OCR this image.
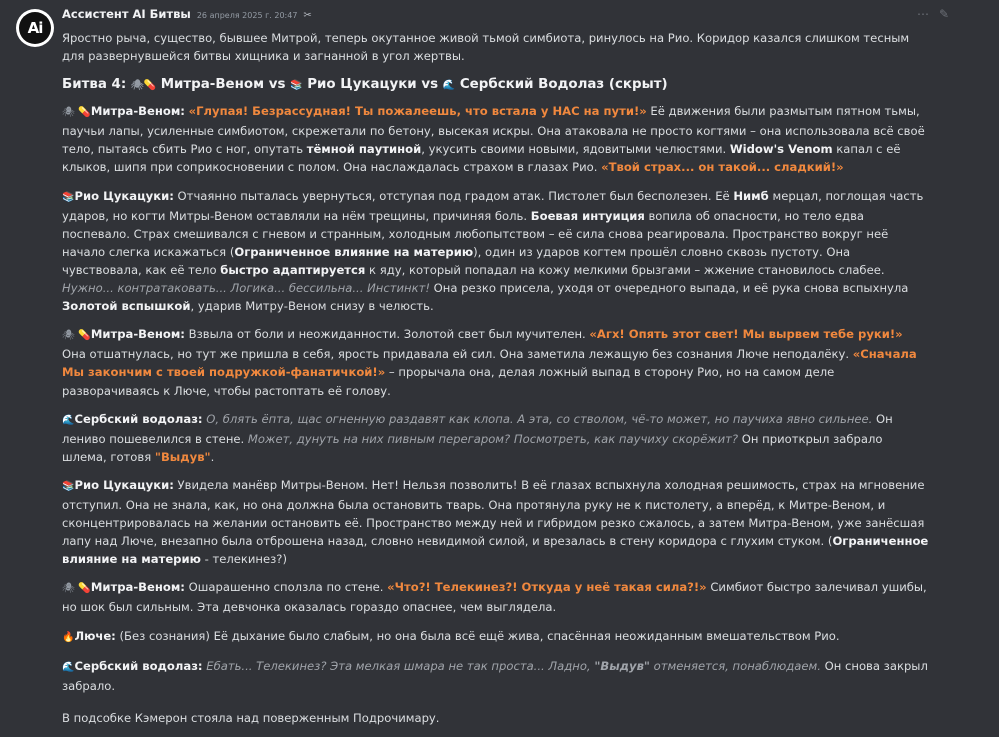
Ai
Ассистент AI Битвы 26 апреля 2025 г. 20:47 ✂	⋯ ✎

Яростно рыча, существо, бывшее Митрой, теперь окутанное живой тьмой симбиота, ринулось на Рио. Коридор казался слишком тесным для развернувшейся битвы хищника и загнанной в угол жертвы.

Битва 4: 🕷💊 Митра-Веном vs 📚 Рио Цукацуки vs 🌊 Сербский Водолаз (скрыт)

🕷 💊Митра-Веном: «Глупая! Безрассудная! Ты пожалеешь, что встала у НАС на пути!» Её движения были размытым пятном тьмы, паучьи лапы, усиленные симбиотом, скрежетали по бетону, высекая искры. Она атаковала не просто когтями – она использовала всё своё тело, пытаясь сбить Рио с ног, опутать тёмной паутиной, укусить своими новыми, ядовитыми челюстями. Widow's Venom капал с её клыков, шипя при соприкосновении с полом. Она наслаждалась страхом в глазах Рио. «Твой страх... он такой... сладкий!»

📚Рио Цукацуки: Отчаянно пыталась увернуться, отступая под градом атак. Пистолет был бесполезен. Её Нимб мерцал, поглощая часть ударов, но когти Митры-Веном оставляли на нём трещины, причиняя боль. Боевая интуиция вопила об опасности, но тело едва поспевало. Страх смешивался с гневом и странным, холодным любопытством – её сила снова реагировала. Пространство вокруг неё начало слегка искажаться (Ограниченное влияние на материю), один из ударов когтем прошёл словно сквозь пустоту. Она чувствовала, как её тело быстро адаптируется к яду, который попадал на кожу мелкими брызгами – жжение становилось слабее. Нужно... контратаковать... Логика... бессильна... Инстинкт! Она резко присела, уходя от очередного выпада, и её рука снова вспыхнула Золотой вспышкой, ударив Митру-Веном снизу в челюсть.

🕷 💊Митра-Веном: Взвыла от боли и неожиданности. Золотой свет был мучителен. «Агх! Опять этот свет! Мы вырвем тебе руки!» Она отшатнулась, но тут же пришла в себя, ярость придавала ей сил. Она заметила лежащую без сознания Люче неподалёку. «Сначала Мы закончим с твоей подружкой-фанатичкой!» – прорычала она, делая ложный выпад в сторону Рио, но на самом деле разворачиваясь к Люче, чтобы растоптать её голову.

🌊Сербский водолаз: О, блять ёпта, щас огненную раздавят как клопа. А эта, со стволом, чё-то может, но паучиха явно сильнее. Он лениво пошевелился в стене. Может, дунуть на них пивным перегаром? Посмотреть, как паучиху скорёжит? Он приоткрыл забрало шлема, готовя "Выдув".

📚Рио Цукацуки: Увидела манёвр Митры-Веном. Нет! Нельзя позволить! В её глазах вспыхнула холодная решимость, страх на мгновение отступил. Она не знала, как, но она должна была остановить тварь. Она протянула руку не к пистолету, а вперёд, к Митре-Веном, и сконцентрировалась на желании остановить её. Пространство между ней и гибридом резко сжалось, а затем Митра-Веном, уже занёсшая лапу над Люче, внезапно была отброшена назад, словно невидимой силой, и врезалась в стену коридора с глухим стуком. (Ограниченное влияние на материю - телекинез?)

🕷 💊Митра-Веном: Ошарашенно сползла по стене. «Что?! Телекинез?! Откуда у неё такая сила?!» Симбиот быстро залечивал ушибы, но шок был сильным. Эта девчонка оказалась гораздо опаснее, чем выглядела.

🔥Люче: (Без сознания) Её дыхание было слабым, но она была всё ещё жива, спасённая неожиданным вмешательством Рио.

🌊Сербский водолаз: Ебать... Телекинез? Эта мелкая шмара не так проста... Ладно, "Выдув" отменяется, понаблюдаем. Он снова закрыл забрало.

В подсобке Кэмерон стояла над поверженным Подрочимару.
